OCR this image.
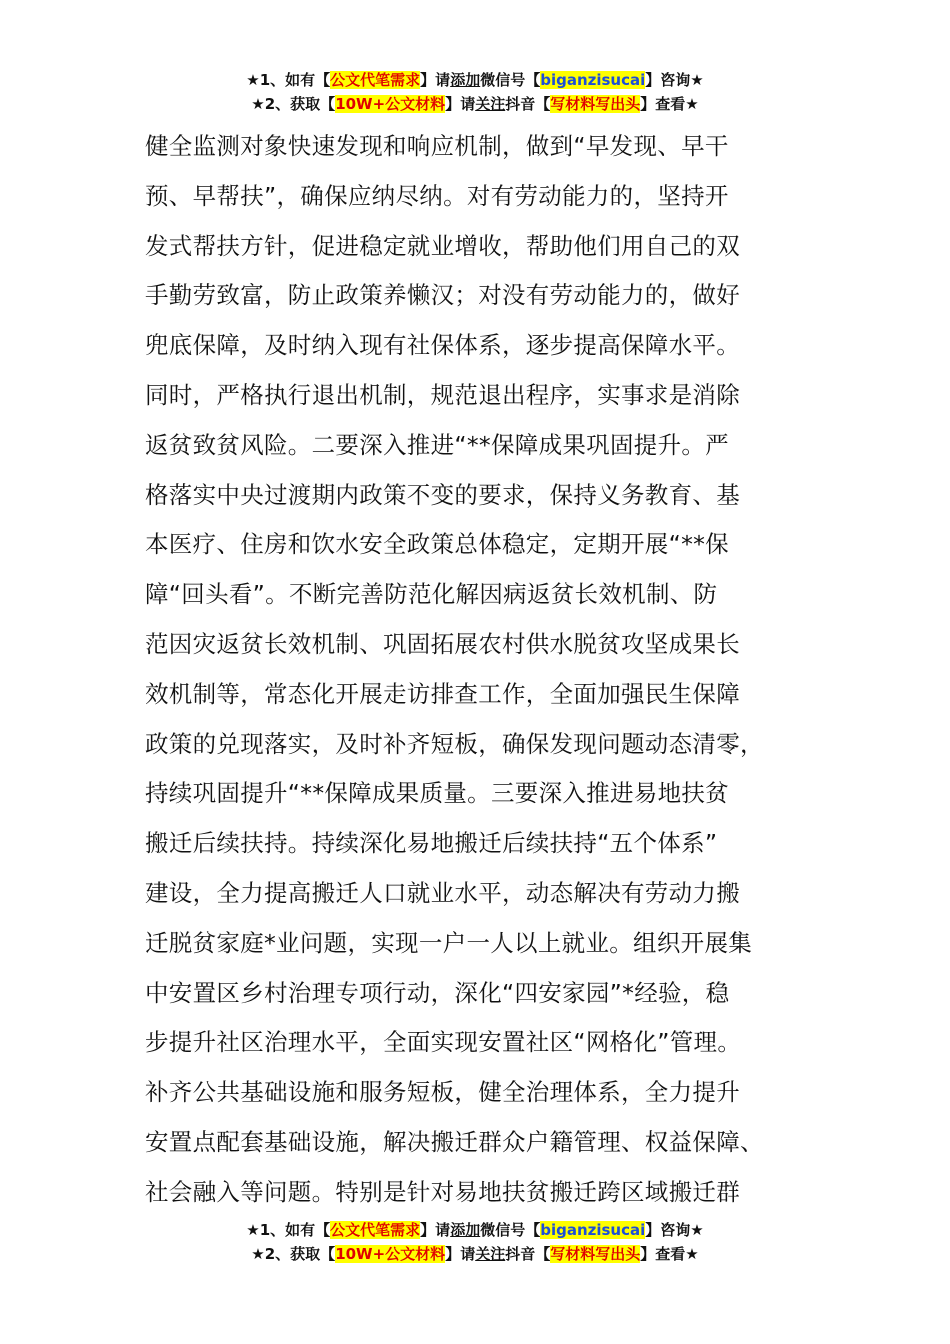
★1、如有【公文代笔需求】请添加微信号【biganzisucai】咨询★
★2、获取【10W+公文材料】请关注抖音【写材料写出头】查看★
健全监测对象快速发现和响应机制，做到“早发现、早干
预、早帮扶”，确保应纳尽纳。对有劳动能力的，坚持开
发式帮扶方针，促进稳定就业增收，帮助他们用自己的双
手勤劳致富，防止政策养懒汉；对没有劳动能力的，做好
兜底保障，及时纳入现有社保体系，逐步提高保障水平。
同时，严格执行退出机制，规范退出程序，实事求是消除
返贫致贫风险。二要深入推进“**保障成果巩固提升。严
格落实中央过渡期内政策不变的要求，保持义务教育、基
本医疗、住房和饮水安全政策总体稳定，定期开展“**保
障“回头看”。不断完善防范化解因病返贫长效机制、防
范因灾返贫长效机制、巩固拓展农村供水脱贫攻坚成果长
效机制等，常态化开展走访排查工作，全面加强民生保障
政策的兑现落实，及时补齐短板，确保发现问题动态清零，
持续巩固提升“**保障成果质量。三要深入推进易地扶贫
搬迁后续扶持。持续深化易地搬迁后续扶持“五个体系”
建设，全力提高搬迁人口就业水平，动态解决有劳动力搬
迁脱贫家庭*业问题，实现一户一人以上就业。组织开展集
中安置区乡村治理专项行动，深化“四安家园”*经验，稳
步提升社区治理水平，全面实现安置社区“网格化”管理。
补齐公共基础设施和服务短板，健全治理体系，全力提升
安置点配套基础设施，解决搬迁群众户籍管理、权益保障、
社会融入等问题。特别是针对易地扶贫搬迁跨区域搬迁群
★1、如有【公文代笔需求】请添加微信号【biganzisucai】咨询★
★2、获取【10W+公文材料】请关注抖音【写材料写出头】查看★
